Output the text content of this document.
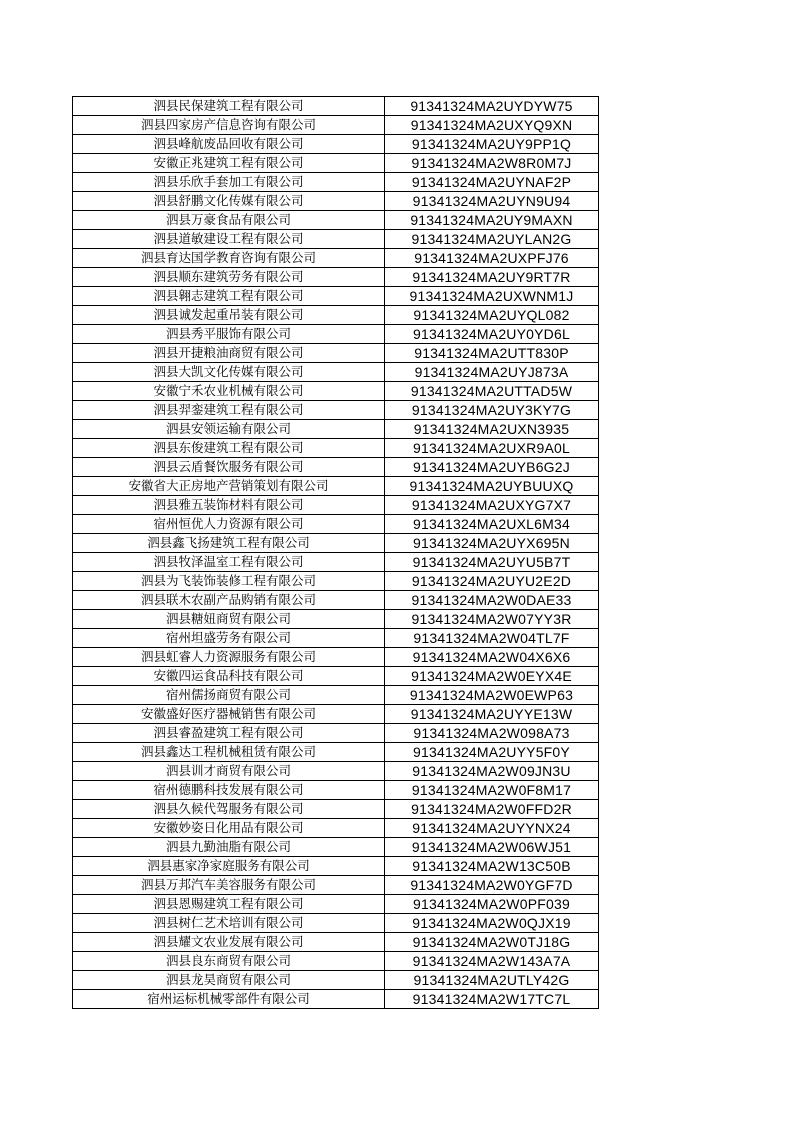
泗县民保建筑工程有限公司	91341324MA2UYDYW75
泗县四家房产信息咨询有限公司	91341324MA2UXYQ9XN
泗县峰航废品回收有限公司	91341324MA2UY9PP1Q
安徽正兆建筑工程有限公司	91341324MA2W8R0M7J
泗县乐欣手套加工有限公司	91341324MA2UYNAF2P
泗县舒鹏文化传媒有限公司	91341324MA2UYN9U94
泗县万豪食品有限公司	91341324MA2UY9MAXN
泗县道敏建设工程有限公司	91341324MA2UYLAN2G
泗县育达国学教育咨询有限公司	91341324MA2UXPFJ76
泗县顺东建筑劳务有限公司	91341324MA2UY9RT7R
泗县翱志建筑工程有限公司	91341324MA2UXWNM1J
泗县诚发起重吊装有限公司	91341324MA2UYQL082
泗县秀平服饰有限公司	91341324MA2UY0YD6L
泗县开捷粮油商贸有限公司	91341324MA2UTT830P
泗县大凯文化传媒有限公司	91341324MA2UYJ873A
安徽宁禾农业机械有限公司	91341324MA2UTTAD5W
泗县羿銮建筑工程有限公司	91341324MA2UY3KY7G
泗县安领运输有限公司	91341324MA2UXN3935
泗县东俊建筑工程有限公司	91341324MA2UXR9A0L
泗县云盾餐饮服务有限公司	91341324MA2UYB6G2J
安徽省大正房地产营销策划有限公司	91341324MA2UYBUUXQ
泗县雅五装饰材料有限公司	91341324MA2UXYG7X7
宿州恒优人力资源有限公司	91341324MA2UXL6M34
泗县鑫飞扬建筑工程有限公司	91341324MA2UYX695N
泗县牧泽温室工程有限公司	91341324MA2UYU5B7T
泗县为飞装饰装修工程有限公司	91341324MA2UYU2E2D
泗县联木农副产品购销有限公司	91341324MA2W0DAE33
泗县糖妞商贸有限公司	91341324MA2W07YY3R
宿州坦盛劳务有限公司	91341324MA2W04TL7F
泗县虹睿人力资源服务有限公司	91341324MA2W04X6X6
安徽四运食品科技有限公司	91341324MA2W0EYX4E
宿州儒扬商贸有限公司	91341324MA2W0EWP63
安徽盛好医疗器械销售有限公司	91341324MA2UYYE13W
泗县睿盈建筑工程有限公司	91341324MA2W098A73
泗县鑫达工程机械租赁有限公司	91341324MA2UYY5F0Y
泗县训才商贸有限公司	91341324MA2W09JN3U
宿州德鹏科技发展有限公司	91341324MA2W0F8M17
泗县久候代驾服务有限公司	91341324MA2W0FFD2R
安徽妙姿日化用品有限公司	91341324MA2UYYNX24
泗县九勤油脂有限公司	91341324MA2W06WJ51
泗县惠家净家庭服务有限公司	91341324MA2W13C50B
泗县万邦汽车美容服务有限公司	91341324MA2W0YGF7D
泗县恩赐建筑工程有限公司	91341324MA2W0PF039
泗县树仁艺术培训有限公司	91341324MA2W0QJX19
泗县耀文农业发展有限公司	91341324MA2W0TJ18G
泗县良东商贸有限公司	91341324MA2W143A7A
泗县龙昊商贸有限公司	91341324MA2UTLY42G
宿州运标机械零部件有限公司	91341324MA2W17TC7L
